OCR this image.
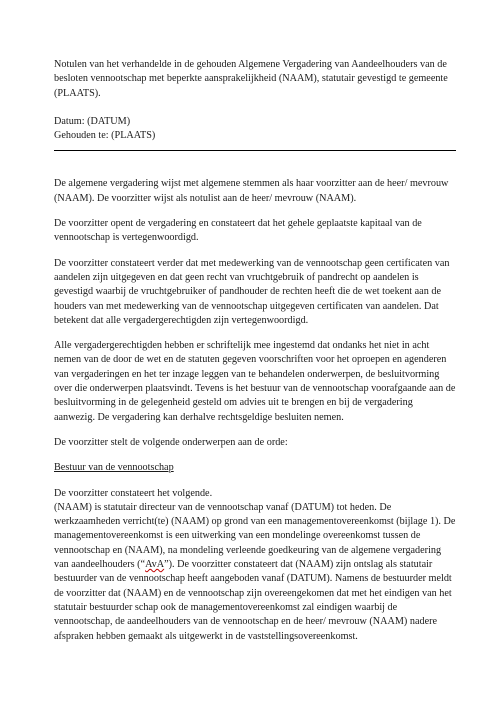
Notulen van het verhandelde in de gehouden Algemene Vergadering van Aandeelhouders van de besloten vennootschap met beperkte aansprakelijkheid (NAAM), statutair gevestigd te gemeente (PLAATS).

Datum: (DATUM)

Gehouden te: (PLAATS)

De algemene vergadering wijst met algemene stemmen als haar voorzitter aan de heer/ mevrouw (NAAM). De voorzitter wijst als notulist aan de heer/ mevrouw (NAAM).

De voorzitter opent de vergadering en constateert dat het gehele geplaatste kapitaal van de vennootschap is vertegenwoordigd.

De voorzitter constateert verder dat met medewerking van de vennootschap geen certificaten van aandelen zijn uitgegeven en dat geen recht van vruchtgebruik of pandrecht op aandelen is gevestigd waarbij de vruchtgebruiker of pandhouder de rechten heeft die de wet toekent aan de houders van met medewerking van de vennootschap uitgegeven certificaten van aandelen. Dat betekent dat alle vergadergerechtigden zijn vertegenwoordigd.

Alle vergadergerechtigden hebben er schriftelijk mee ingestemd dat ondanks het niet in acht nemen van de door de wet en de statuten gegeven voorschriften voor het oproepen en agenderen van vergaderingen en het ter inzage leggen van te behandelen onderwerpen, de besluitvorming over die onderwerpen plaatsvindt. Tevens is het bestuur van de vennootschap voorafgaande aan de besluitvorming in de gelegenheid gesteld om advies uit te brengen en bij de vergadering aanwezig. De vergadering kan derhalve rechtsgeldige besluiten nemen.

De voorzitter stelt de volgende onderwerpen aan de orde:

Bestuur van de vennootschap

De voorzitter constateert het volgende.

(NAAM) is statutair directeur van de vennootschap vanaf (DATUM) tot heden. De werkzaamheden verricht(te) (NAAM) op grond van een managementovereenkomst (bijlage 1). De managementovereenkomst is een uitwerking van een mondelinge overeenkomst tussen de vennootschap en (NAAM), na mondeling verleende goedkeuring van de algemene vergadering van aandeelhouders (“AvA”). De voorzitter constateert dat (NAAM) zijn ontslag als statutair bestuurder van de vennootschap heeft aangeboden vanaf (DATUM). Namens de bestuurder meldt de voorzitter dat (NAAM) en de vennootschap zijn overeengekomen dat met het eindigen van het statutair bestuurder schap ook de managementovereenkomst zal eindigen waarbij de vennootschap, de aandeelhouders van de vennootschap en de heer/ mevrouw (NAAM) nadere afspraken hebben gemaakt als uitgewerkt in de vaststellingsovereenkomst.
